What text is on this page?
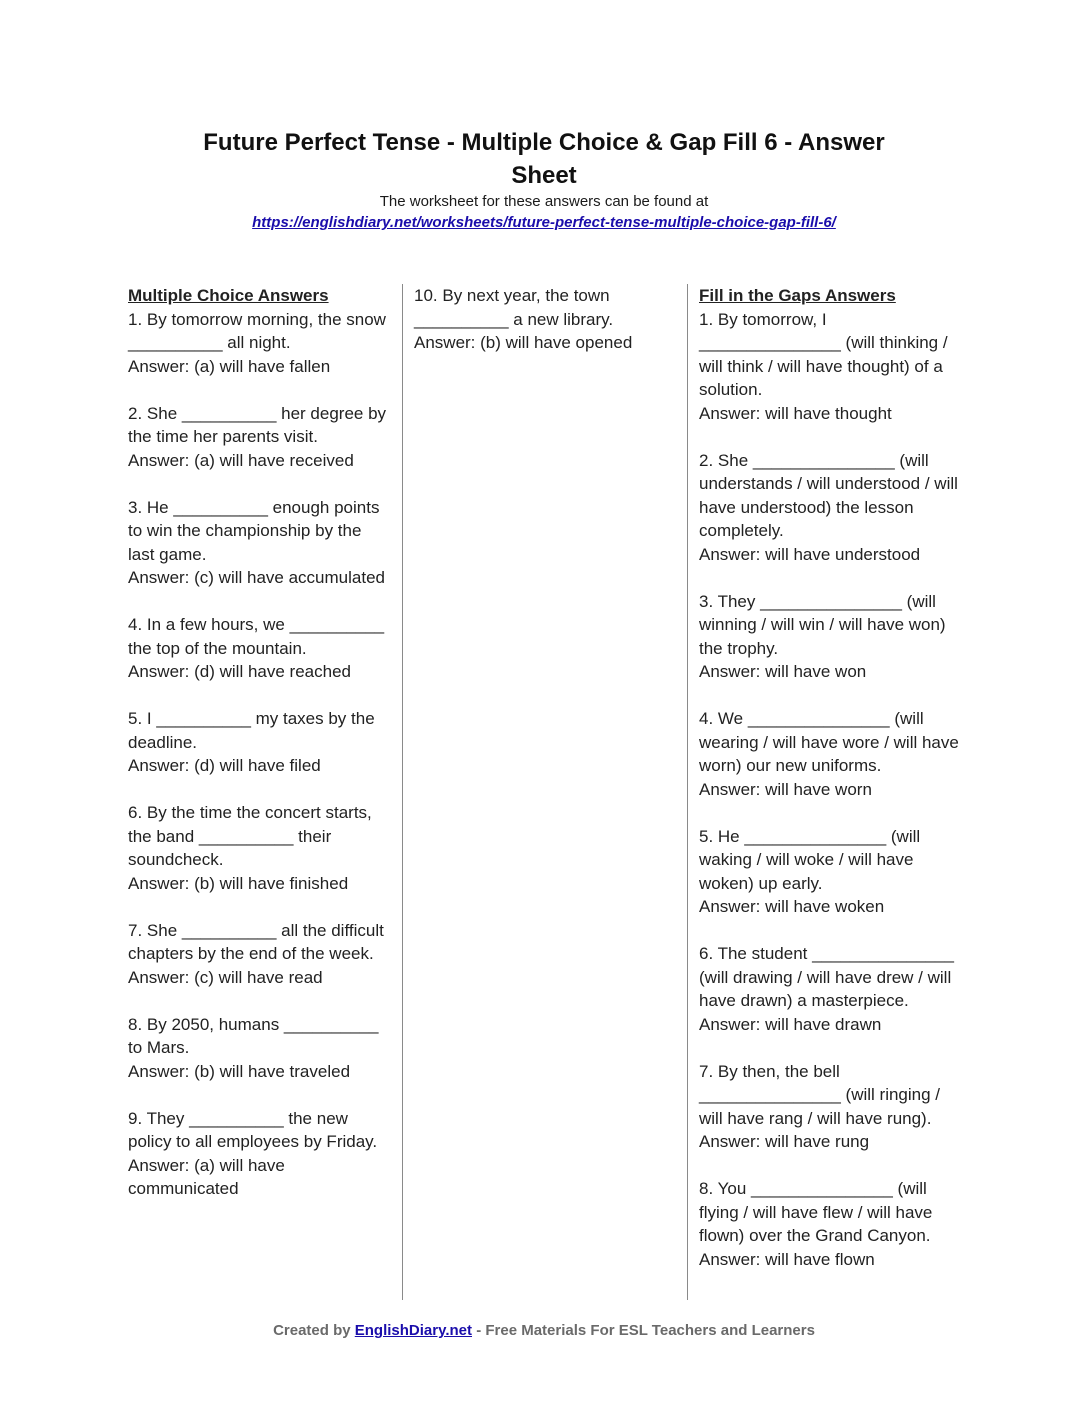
Future Perfect Tense - Multiple Choice & Gap Fill 6 - Answer Sheet
The worksheet for these answers can be found at
https://englishdiary.net/worksheets/future-perfect-tense-multiple-choice-gap-fill-6/
Multiple Choice Answers

1. By tomorrow morning, the snow __________ all night.

Answer: (a) will have fallen

2. She __________ her degree by the time her parents visit.

Answer: (a) will have received

3. He __________ enough points to win the championship by the last game.

Answer: (c) will have accumulated

4. In a few hours, we __________ the top of the mountain.

Answer: (d) will have reached

5. I __________ my taxes by the deadline.

Answer: (d) will have filed

6. By the time the concert starts, the band __________ their soundcheck.

Answer: (b) will have finished

7. She __________ all the difficult chapters by the end of the week.

Answer: (c) will have read

8. By 2050, humans __________ to Mars.

Answer: (b) will have traveled

9. They __________ the new policy to all employees by Friday.

Answer: (a) will have communicated

10. By next year, the town __________ a new library.

Answer: (b) will have opened

Fill in the Gaps Answers

1. By tomorrow, I _______________ (will thinking / will think / will have thought) of a solution.

Answer: will have thought

2. She _______________ (will understands / will understood / will have understood) the lesson completely.

Answer: will have understood

3. They _______________ (will winning / will win / will have won) the trophy.

Answer: will have won

4. We _______________ (will wearing / will have wore / will have worn) our new uniforms.

Answer: will have worn

5. He _______________ (will waking / will woke / will have woken) up early.

Answer: will have woken

6. The student _______________ (will drawing / will have drew / will have drawn) a masterpiece.

Answer: will have drawn

7. By then, the bell _______________ (will ringing / will have rang / will have rung).

Answer: will have rung

8. You _______________ (will flying / will have flew / will have flown) over the Grand Canyon.

Answer: will have flown

Created by EnglishDiary.net - Free Materials For ESL Teachers and Learners
